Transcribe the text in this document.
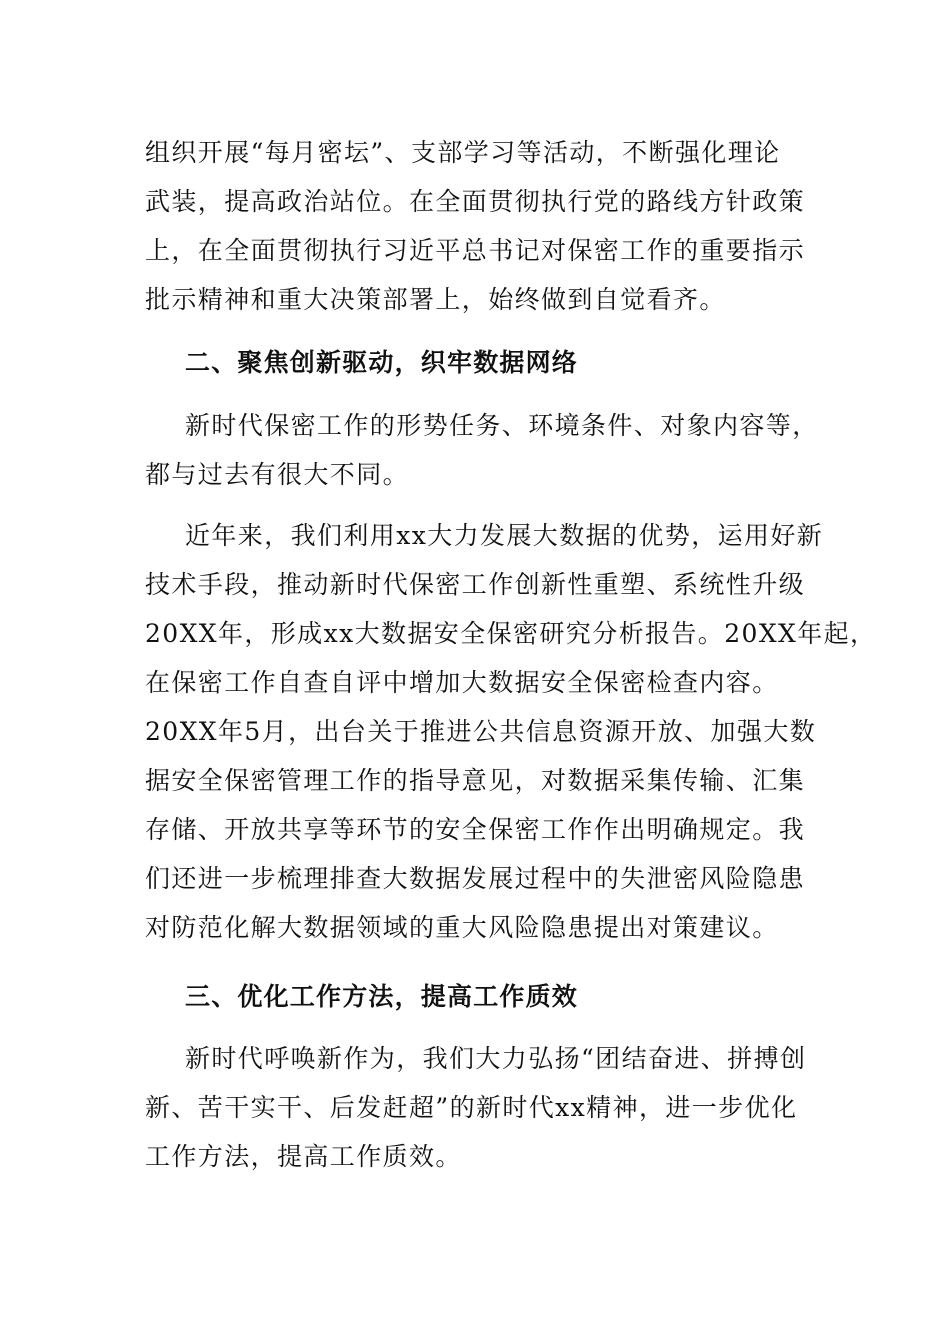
组织开展“每月密坛”、支部学习等活动，不断强化理论
武装，提高政治站位。在全面贯彻执行党的路线方针政策
上，在全面贯彻执行习近平总书记对保密工作的重要指示
批示精神和重大决策部署上，始终做到自觉看齐。
二、聚焦创新驱动，织牢数据网络
新时代保密工作的形势任务、环境条件、对象内容等，
都与过去有很大不同。
近年来，我们利用xx大力发展大数据的优势，运用好新
技术手段，推动新时代保密工作创新性重塑、系统性升级
20XX年，形成xx大数据安全保密研究分析报告。20XX年起，
在保密工作自查自评中增加大数据安全保密检查内容。
20XX年5月，出台关于推进公共信息资源开放、加强大数
据安全保密管理工作的指导意见，对数据采集传输、汇集
存储、开放共享等环节的安全保密工作作出明确规定。我
们还进一步梳理排查大数据发展过程中的失泄密风险隐患
对防范化解大数据领域的重大风险隐患提出对策建议。
三、优化工作方法，提高工作质效
新时代呼唤新作为，我们大力弘扬“团结奋进、拼搏创
新、苦干实干、后发赶超”的新时代xx精神，进一步优化
工作方法，提高工作质效。
